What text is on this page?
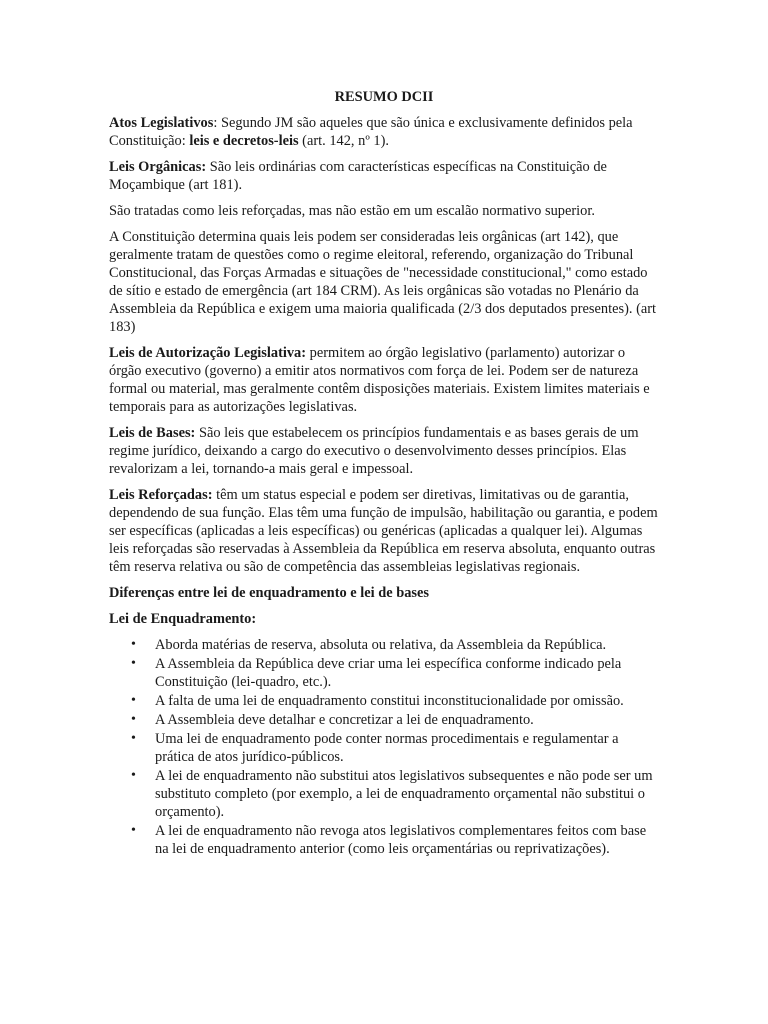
RESUMO DCII

Atos Legislativos: Segundo JM são aqueles que são única e exclusivamente definidos pela Constituição: leis e decretos-leis (art. 142, nº 1).

Leis Orgânicas: São leis ordinárias com características específicas na Constituição de Moçambique (art 181).

São tratadas como leis reforçadas, mas não estão em um escalão normativo superior.

A Constituição determina quais leis podem ser consideradas leis orgânicas (art 142), que geralmente tratam de questões como o regime eleitoral, referendo, organização do Tribunal Constitucional, das Forças Armadas e situações de "necessidade constitucional," como estado de sítio e estado de emergência (art 184 CRM). As leis orgânicas são votadas no Plenário da Assembleia da República e exigem uma maioria qualificada (2/3 dos deputados presentes). (art 183)

Leis de Autorização Legislativa: permitem ao órgão legislativo (parlamento) autorizar o órgão executivo (governo) a emitir atos normativos com força de lei. Podem ser de natureza formal ou material, mas geralmente contêm disposições materiais. Existem limites materiais e temporais para as autorizações legislativas.

Leis de Bases: São leis que estabelecem os princípios fundamentais e as bases gerais de um regime jurídico, deixando a cargo do executivo o desenvolvimento desses princípios. Elas revalorizam a lei, tornando-a mais geral e impessoal.

Leis Reforçadas: têm um status especial e podem ser diretivas, limitativas ou de garantia, dependendo de sua função. Elas têm uma função de impulsão, habilitação ou garantia, e podem ser específicas (aplicadas a leis específicas) ou genéricas (aplicadas a qualquer lei). Algumas leis reforçadas são reservadas à Assembleia da República em reserva absoluta, enquanto outras têm reserva relativa ou são de competência das assembleias legislativas regionais.

Diferenças entre lei de enquadramento e lei de bases
Lei de Enquadramento:
• Aborda matérias de reserva, absoluta ou relativa, da Assembleia da República.
• A Assembleia da República deve criar uma lei específica conforme indicado pela Constituição (lei-quadro, etc.).
• A falta de uma lei de enquadramento constitui inconstitucionalidade por omissão.
• A Assembleia deve detalhar e concretizar a lei de enquadramento.
• Uma lei de enquadramento pode conter normas procedimentais e regulamentar a prática de atos jurídico-públicos.
• A lei de enquadramento não substitui atos legislativos subsequentes e não pode ser um substituto completo (por exemplo, a lei de enquadramento orçamental não substitui o orçamento).
• A lei de enquadramento não revoga atos legislativos complementares feitos com base na lei de enquadramento anterior (como leis orçamentárias ou reprivatizações).
